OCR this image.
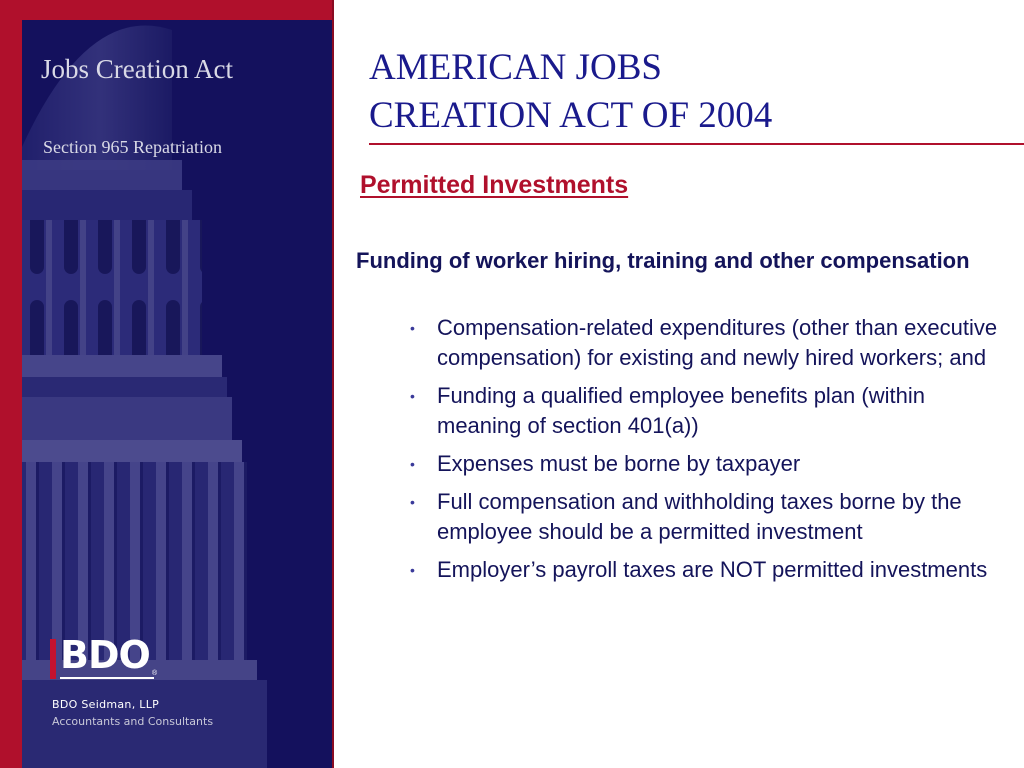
Jobs Creation Act
Section 965 Repatriation
BDO ®
BDO Seidman, LLP
Accountants and Consultants
AMERICAN JOBS
CREATION ACT OF 2004
Permitted Investments

Funding of worker hiring, training and other compensation

• Compensation-related expenditures (other than executive compensation) for existing and newly hired workers; and
• Funding a qualified employee benefits plan (within meaning of section 401(a))
• Expenses must be borne by taxpayer
• Full compensation and withholding taxes borne by the employee should be a permitted investment
• Employer’s payroll taxes are NOT permitted investments
